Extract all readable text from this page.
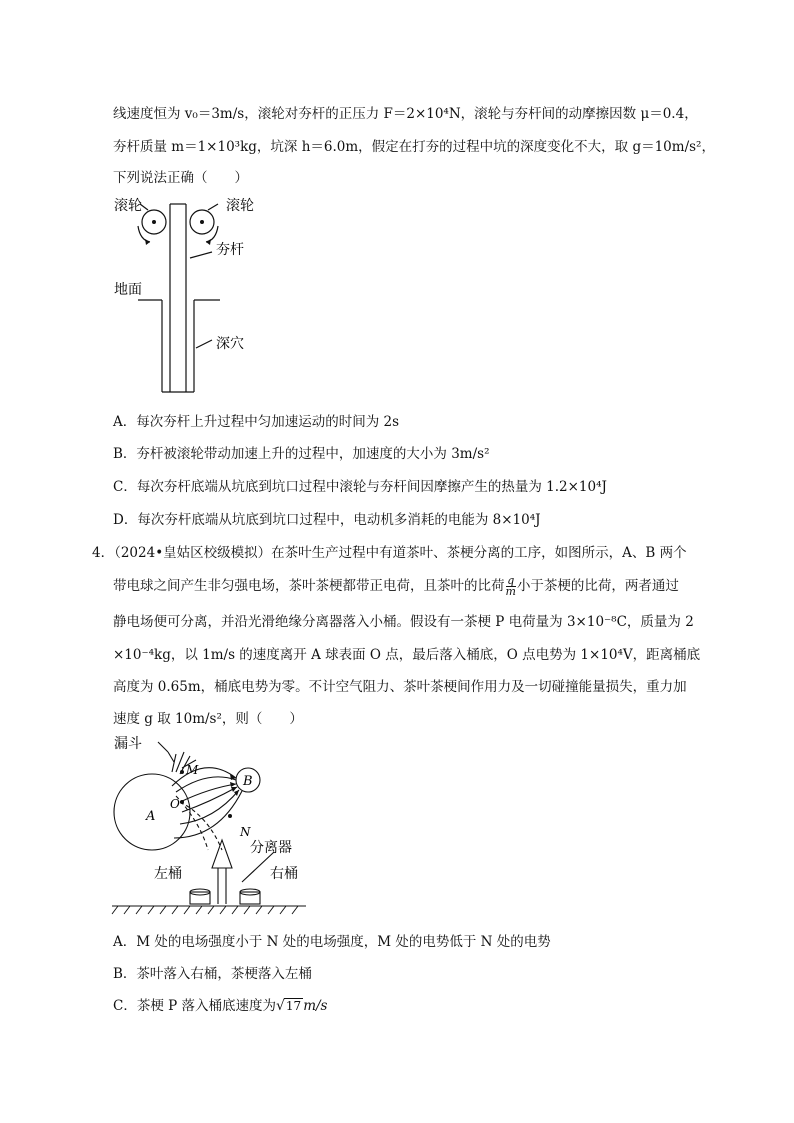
线速度恒为 v₀＝3m/s，滚轮对夯杆的正压力 F＝2×10⁴N，滚轮与夯杆间的动摩擦因数 μ＝0.4，
夯杆质量 m＝1×10³kg，坑深 h＝6.0m，假定在打夯的过程中坑的深度变化不大，取 g＝10m/s²，
下列说法正确（　　）
滚轮	滚轮
地面
夯杆
深穴
A．每次夯杆上升过程中匀加速运动的时间为 2s
B．夯杆被滚轮带动加速上升的过程中，加速度的大小为 3m/s²
C．每次夯杆底端从坑底到坑口过程中滚轮与夯杆间因摩擦产生的热量为 1.2×10⁴J
D．每次夯杆底端从坑底到坑口过程中，电动机多消耗的电能为 8×10⁴J
4．（2024•皇姑区校级模拟）在茶叶生产过程中有道茶叶、茶梗分离的工序，如图所示，A、B 两个
带电球之间产生非匀强电场，茶叶茶梗都带正电荷，且茶叶的比荷 $\frac{q}{m}$ 小于茶梗的比荷，两者通过
静电场便可分离，并沿光滑绝缘分离器落入小桶。假设有一茶梗 P 电荷量为 3×10⁻⁸C，质量为 2
×10⁻⁴kg，以 1m/s 的速度离开 A 球表面 O 点，最后落入桶底，O 点电势为 1×10⁴V，距离桶底
高度为 0.65m，桶底电势为零。不计空气阻力、茶叶茶梗间作用力及一切碰撞能量损失，重力加
速度 g 取 10m/s²，则（　　）
漏斗
M
O
A
B
N
分离器
左桶	右桶
A．M 处的电场强度小于 N 处的电场强度，M 处的电势低于 N 处的电势
B．茶叶落入右桶，茶梗落入左桶
C．茶梗 P 落入桶底速度为√17 m/s
